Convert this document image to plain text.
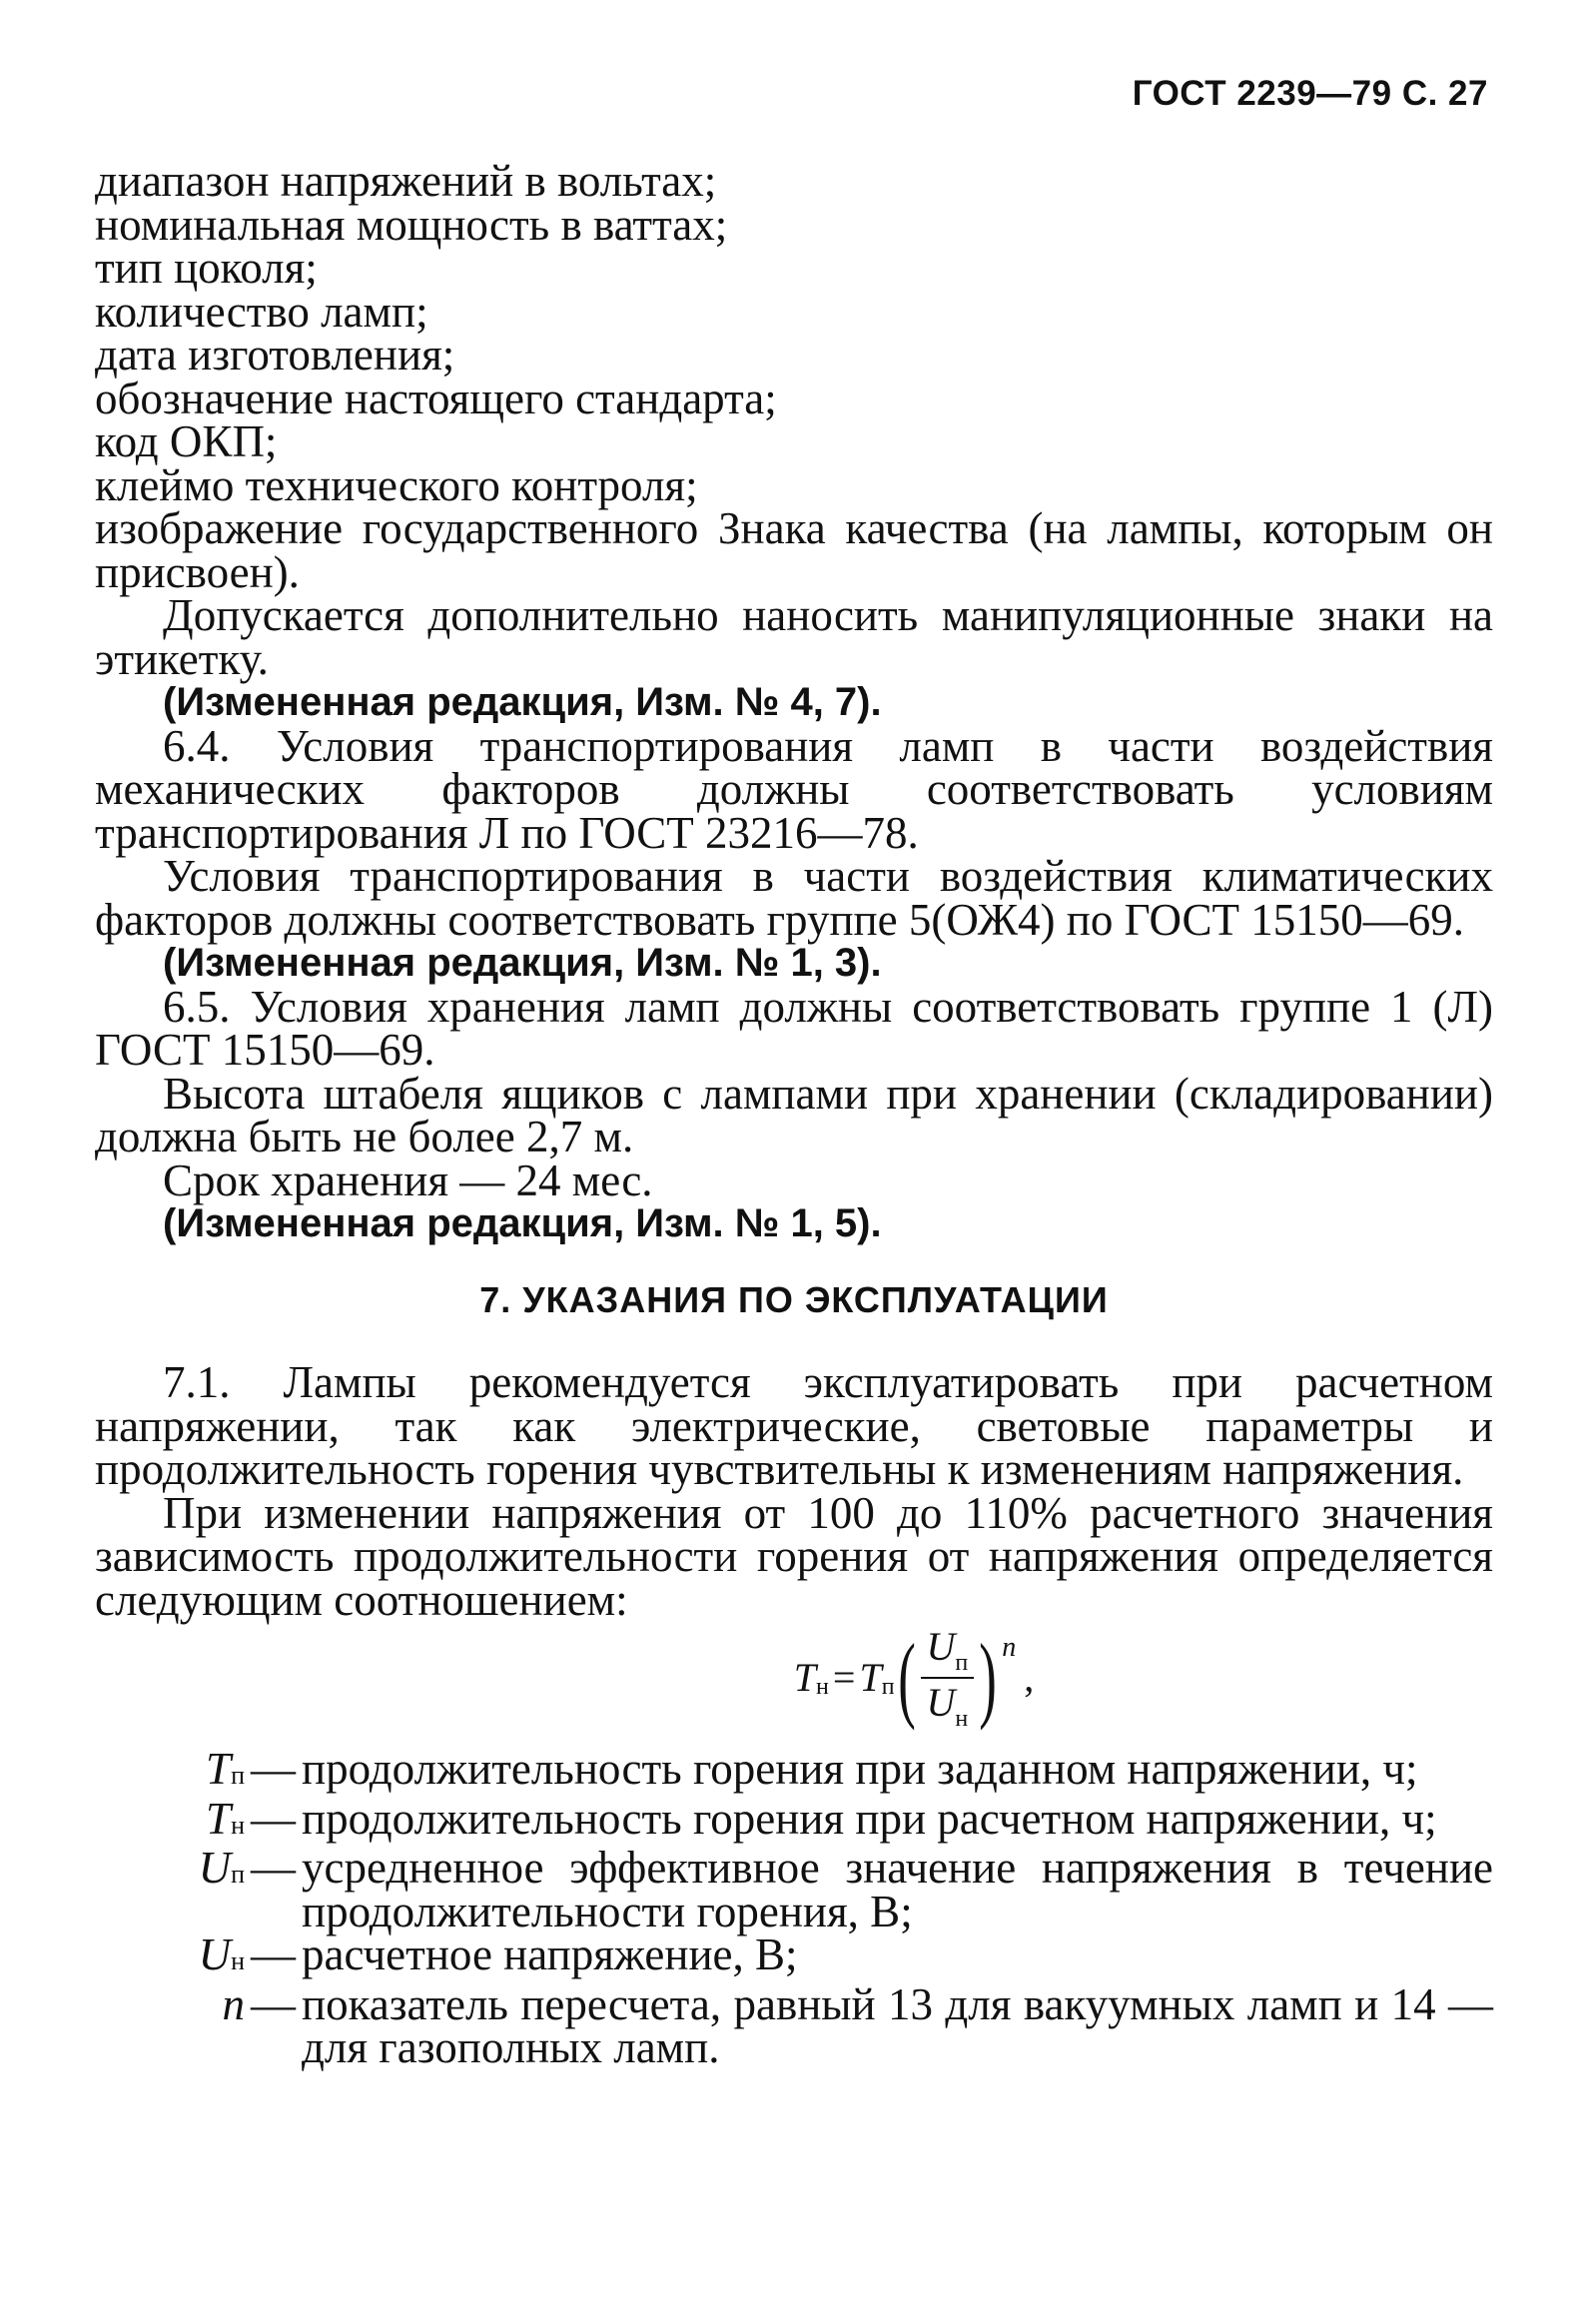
ГОСТ 2239—79 С. 27

диапазон напряжений в вольтах;

номинальная мощность в ваттах;

тип цоколя;

количество ламп;

дата изготовления;

обозначение настоящего стандарта;

код ОКП;

клеймо технического контроля;

изображение государственного Знака качества (на лампы, которым он присвоен).

Допускается дополнительно наносить манипуляционные знаки на этикетку.

(Измененная редакция, Изм. № 4, 7).

6.4. Условия транспортирования ламп в части воздействия механических факторов должны соответствовать условиям транспортирования Л по ГОСТ 23216—78.

Условия транспортирования в части воздействия климатических факторов должны соответствовать группе 5(ОЖ4) по ГОСТ 15150—69.

(Измененная редакция, Изм. № 1, 3).

6.5. Условия хранения ламп должны соответствовать группе 1 (Л) ГОСТ 15150—69.

Высота штабеля ящиков с лампами при хранении (складировании) должна быть не более 2,7 м.

Срок хранения — 24 мес.

(Измененная редакция, Изм. № 1, 5).

7. УКАЗАНИЯ ПО ЭКСПЛУАТАЦИИ

7.1. Лампы рекомендуется эксплуатировать при расчетном напряжении, так как электрические, световые параметры и продолжительность горения чувствительны к изменениям напряжения.

При изменении напряжения от 100 до 110% расчетного значения зависимость продолжительности горения от напряжения определяется следующим соотношением:

T н = T п ( $\frac{U_п}{U_н}$ ) n
,
Tп — продолжительность горения при заданном напряжении, ч;
Tн — продолжительность горения при расчетном напряжении, ч;
Uп — усредненное эффективное значение напряжения в течение продолжительности горения, В;
Uн — расчетное напряжение, В;
n — показатель пересчета, равный 13 для вакуумных ламп и 14 — для газополных ламп.
